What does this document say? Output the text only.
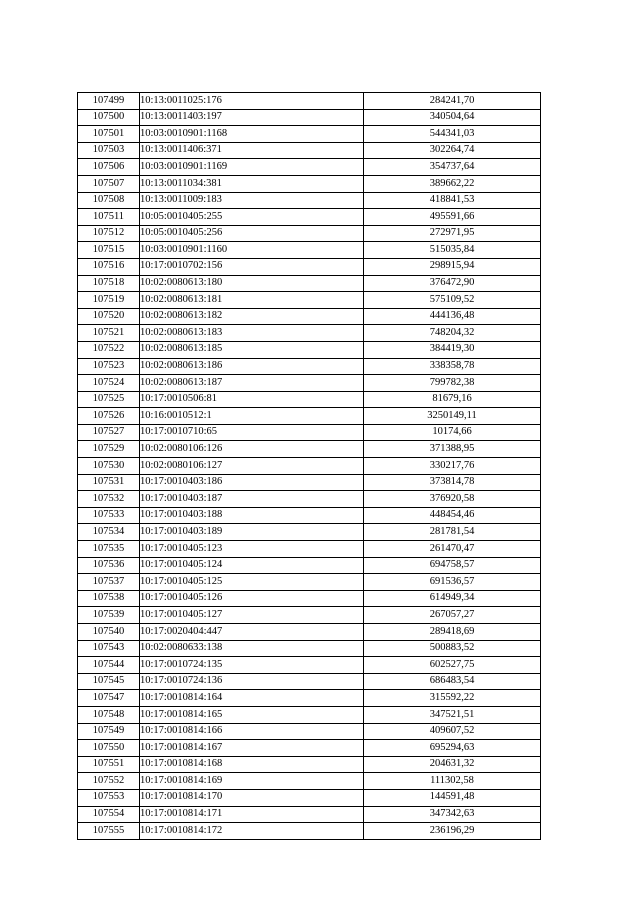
107499	10:13:0011025:176	284241,70
107500	10:13:0011403:197	340504,64
107501	10:03:0010901:1168	544341,03
107503	10:13:0011406:371	302264,74
107506	10:03:0010901:1169	354737,64
107507	10:13:0011034:381	389662,22
107508	10:13:0011009:183	418841,53
107511	10:05:0010405:255	495591,66
107512	10:05:0010405:256	272971,95
107515	10:03:0010901:1160	515035,84
107516	10:17:0010702:156	298915,94
107518	10:02:0080613:180	376472,90
107519	10:02:0080613:181	575109,52
107520	10:02:0080613:182	444136,48
107521	10:02:0080613:183	748204,32
107522	10:02:0080613:185	384419,30
107523	10:02:0080613:186	338358,78
107524	10:02:0080613:187	799782,38
107525	10:17:0010506:81	81679,16
107526	10:16:0010512:1	3250149,11
107527	10:17:0010710:65	10174,66
107529	10:02:0080106:126	371388,95
107530	10:02:0080106:127	330217,76
107531	10:17:0010403:186	373814,78
107532	10:17:0010403:187	376920,58
107533	10:17:0010403:188	448454,46
107534	10:17:0010403:189	281781,54
107535	10:17:0010405:123	261470,47
107536	10:17:0010405:124	694758,57
107537	10:17:0010405:125	691536,57
107538	10:17:0010405:126	614949,34
107539	10:17:0010405:127	267057,27
107540	10:17:0020404:447	289418,69
107543	10:02:0080633:138	500883,52
107544	10:17:0010724:135	602527,75
107545	10:17:0010724:136	686483,54
107547	10:17:0010814:164	315592,22
107548	10:17:0010814:165	347521,51
107549	10:17:0010814:166	409607,52
107550	10:17:0010814:167	695294,63
107551	10:17:0010814:168	204631,32
107552	10:17:0010814:169	111302,58
107553	10:17:0010814:170	144591,48
107554	10:17:0010814:171	347342,63
107555	10:17:0010814:172	236196,29
